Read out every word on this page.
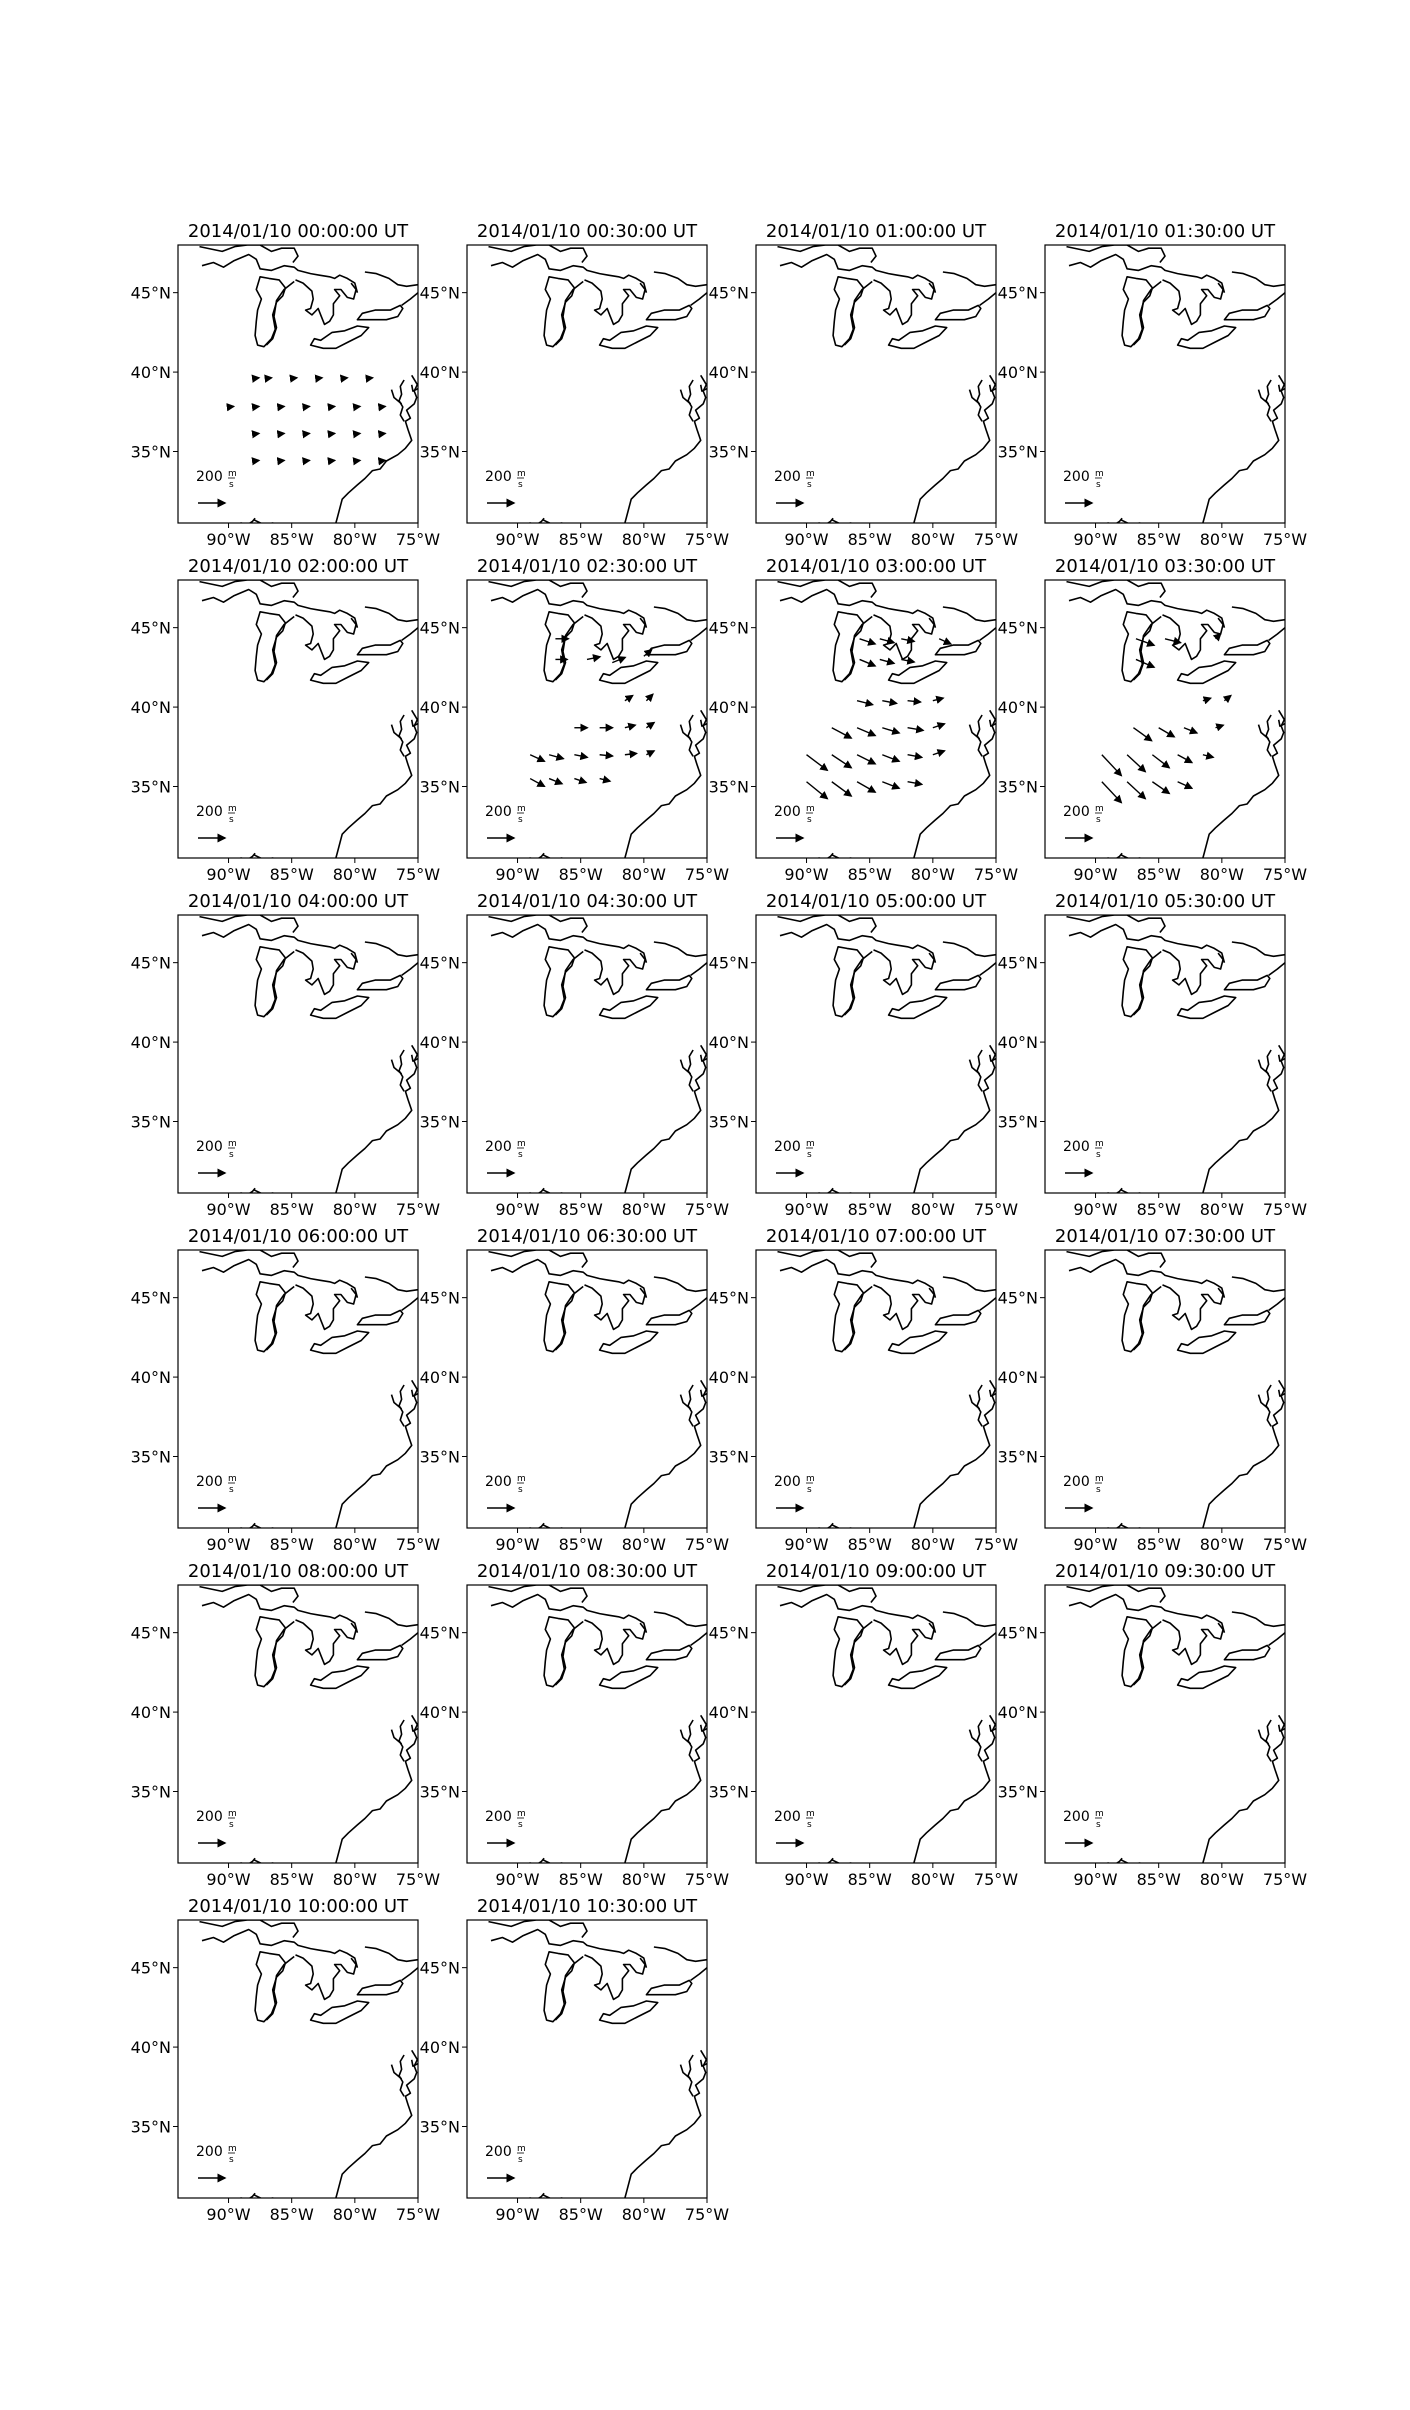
2014/01/10 00:00:00 UT
200 m
s
45°N
40°N
35°N
90°W 85°W 80°W 75°W
2014/01/10 00:30:00 UT
200 m
s
45°N
40°N
35°N
90°W 85°W 80°W 75°W
2014/01/10 01:00:00 UT
200 m
s
45°N
40°N
35°N
90°W 85°W 80°W 75°W
2014/01/10 01:30:00 UT
200 m
s
45°N
40°N
35°N
90°W 85°W 80°W 75°W
2014/01/10 02:00:00 UT
200 m
s
45°N
40°N
35°N
90°W 85°W 80°W 75°W
2014/01/10 02:30:00 UT
200 m
s
45°N
40°N
35°N
90°W 85°W 80°W 75°W
2014/01/10 03:00:00 UT
200 m
s
45°N
40°N
35°N
90°W 85°W 80°W 75°W
2014/01/10 03:30:00 UT
200 m
s
45°N
40°N
35°N
90°W 85°W 80°W 75°W
2014/01/10 04:00:00 UT
200 m
s
45°N
40°N
35°N
90°W 85°W 80°W 75°W
2014/01/10 04:30:00 UT
200 m
s
45°N
40°N
35°N
90°W 85°W 80°W 75°W
2014/01/10 05:00:00 UT
200 m
s
45°N
40°N
35°N
90°W 85°W 80°W 75°W
2014/01/10 05:30:00 UT
200 m
s
45°N
40°N
35°N
90°W 85°W 80°W 75°W
2014/01/10 06:00:00 UT
200 m
s
45°N
40°N
35°N
90°W 85°W 80°W 75°W
2014/01/10 06:30:00 UT
200 m
s
45°N
40°N
35°N
90°W 85°W 80°W 75°W
2014/01/10 07:00:00 UT
200 m
s
45°N
40°N
35°N
90°W 85°W 80°W 75°W
2014/01/10 07:30:00 UT
200 m
s
45°N
40°N
35°N
90°W 85°W 80°W 75°W
2014/01/10 08:00:00 UT
200 m
s
45°N
40°N
35°N
90°W 85°W 80°W 75°W
2014/01/10 08:30:00 UT
200 m
s
45°N
40°N
35°N
90°W 85°W 80°W 75°W
2014/01/10 09:00:00 UT
200 m
s
45°N
40°N
35°N
90°W 85°W 80°W 75°W
2014/01/10 09:30:00 UT
200 m
s
45°N
40°N
35°N
90°W 85°W 80°W 75°W
2014/01/10 10:00:00 UT
200 m
s
45°N
40°N
35°N
90°W 85°W 80°W 75°W
2014/01/10 10:30:00 UT
200 m
s
45°N
40°N
35°N
90°W 85°W 80°W 75°W
